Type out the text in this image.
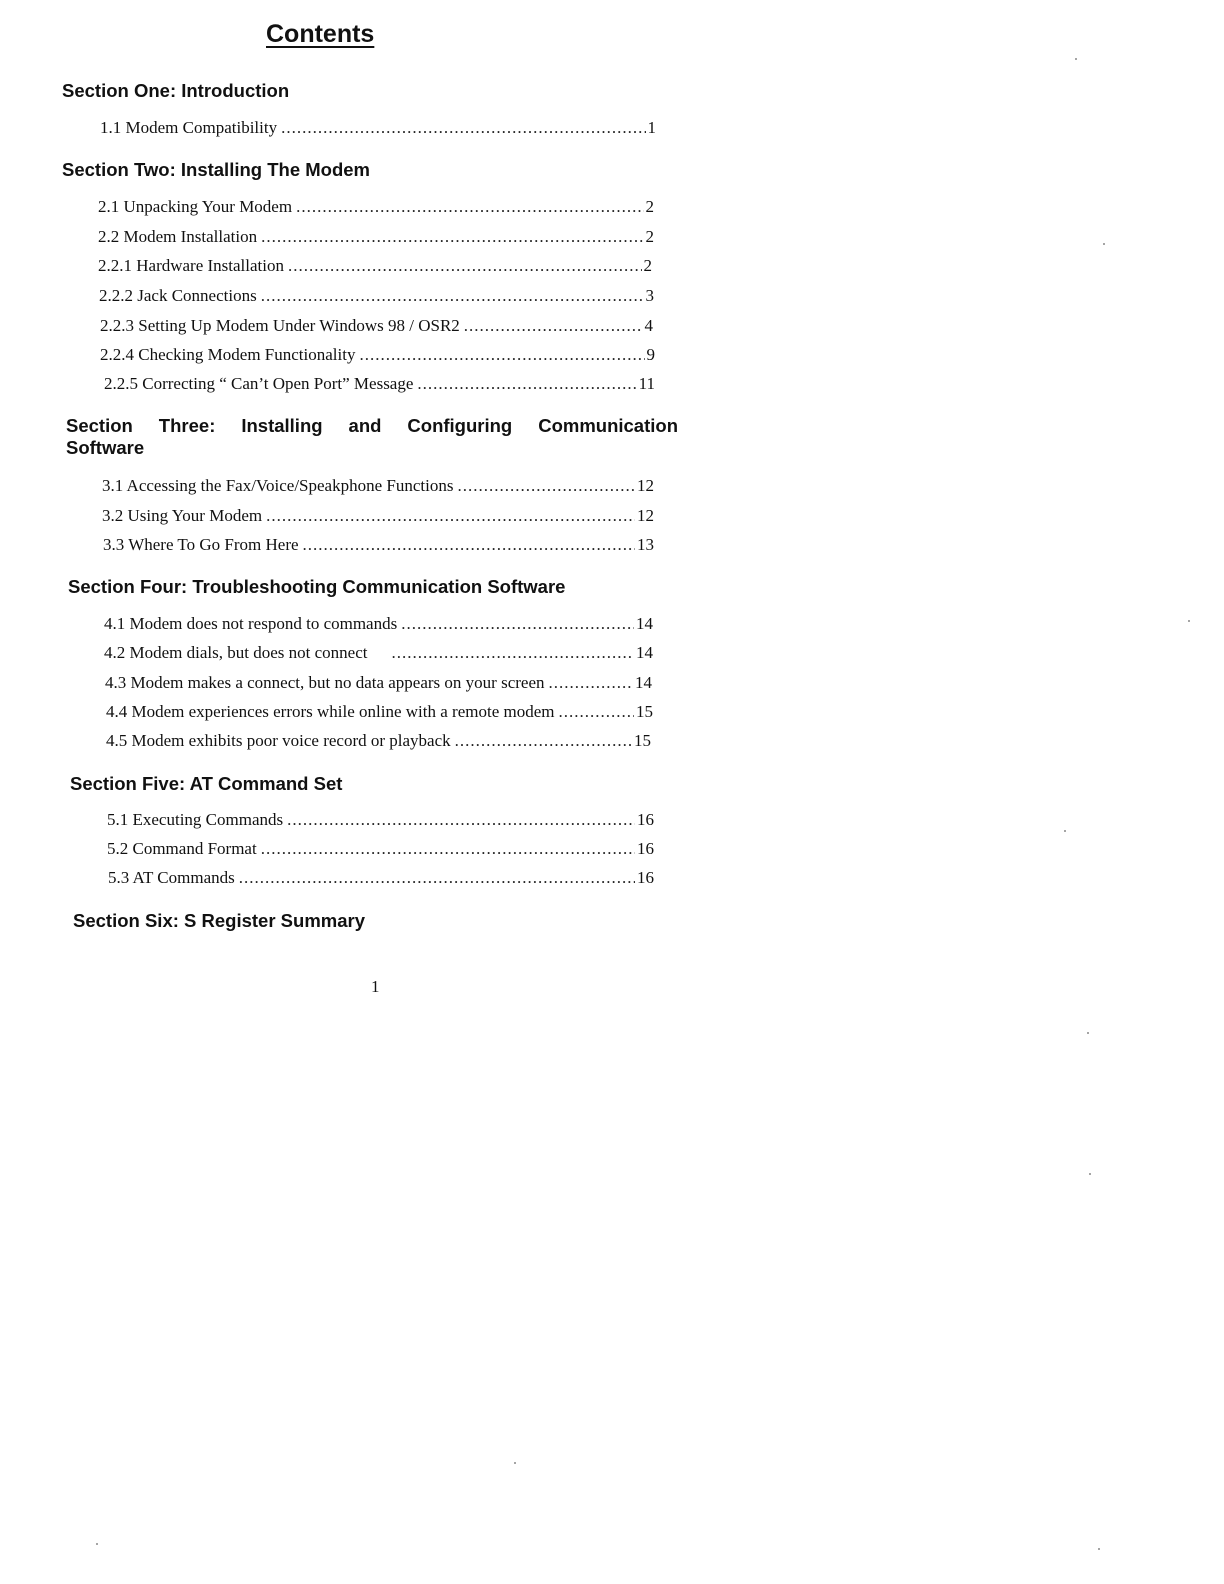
Contents
Section One: Introduction
1.1 Modem Compatibility .....	1
Section Two: Installing The Modem
2.1 Unpacking Your Modem .....	2
2.2 Modem Installation .....	2
2.2.1 Hardware Installation .....	2
2.2.2 Jack Connections .....	3
2.2.3 Setting Up Modem Under Windows 98 / OSR2 .....	4
2.2.4 Checking Modem Functionality .....	9
2.2.5 Correcting “ Can’t Open Port” Message .....	11
Section Three: Installing and Configuring Communication
Software
3.1 Accessing the Fax/Voice/Speakphone Functions .....	12
3.2 Using Your Modem .....	12
3.3 Where To Go From Here .....	13
Section Four: Troubleshooting Communication Software
4.1 Modem does not respond to commands .....	14
4.2 Modem dials, but does not connect .....	14
4.3 Modem makes a connect, but no data appears on your screen .....	14
4.4 Modem experiences errors while online with a remote modem .....	15
4.5 Modem exhibits poor voice record or playback .....	15
Section Five: AT Command Set
5.1 Executing Commands .....	16
5.2 Command Format .....	16
5.3 AT Commands .....	16
Section Six: S Register Summary

1
